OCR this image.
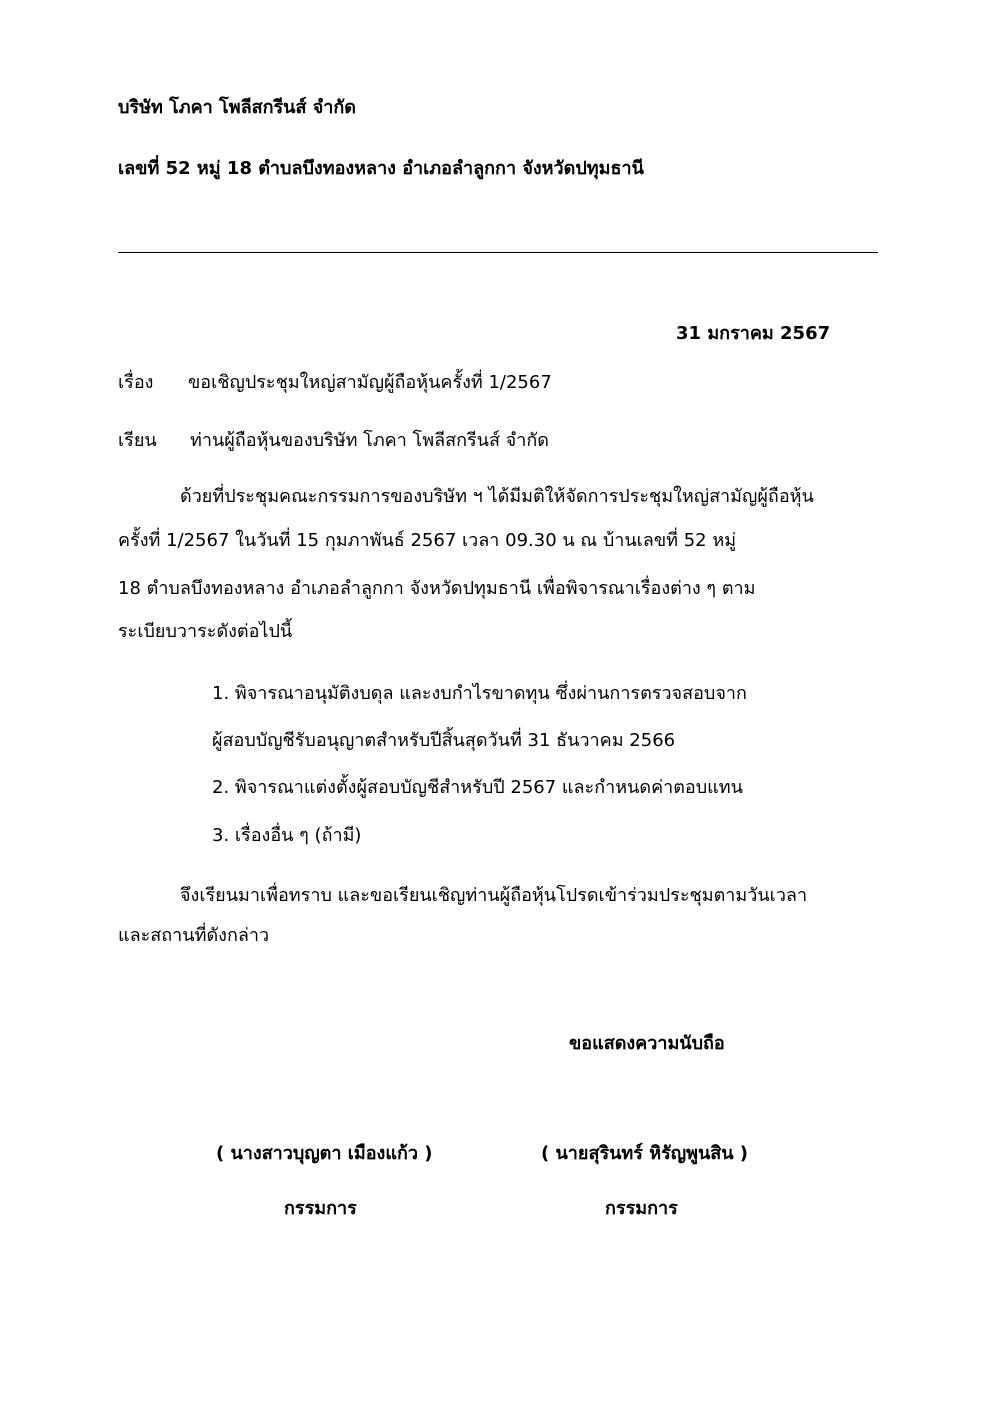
บริษัท โภคา โพลีสกรีนส์ จำกัด
เลขที่ 52 หมู่ 18 ตำบลบึงทองหลาง อำเภอลำลูกกา จังหวัดปทุมธานี
31 มกราคม 2567
เรื่อง ขอเชิญประชุมใหญ่สามัญผู้ถือหุ้นครั้งที่ 1/2567
เรียน ท่านผู้ถือหุ้นของบริษัท โภคา โพลีสกรีนส์ จำกัด
ด้วยที่ประชุมคณะกรรมการของบริษัท ฯ ได้มีมติให้จัดการประชุมใหญ่สามัญผู้ถือหุ้น
ครั้งที่ 1/2567 ในวันที่ 15 กุมภาพันธ์ 2567 เวลา 09.30 น ณ บ้านเลขที่ 52 หมู่
18 ตำบลบึงทองหลาง อำเภอลำลูกกา จังหวัดปทุมธานี เพื่อพิจารณาเรื่องต่าง ๆ ตาม
ระเบียบวาระดังต่อไปนี้
1. พิจารณาอนุมัติงบดุล และงบกำไรขาดทุน ซึ่งผ่านการตรวจสอบจาก
ผู้สอบบัญชีรับอนุญาตสำหรับปีสิ้นสุดวันที่ 31 ธันวาคม 2566
2. พิจารณาแต่งตั้งผู้สอบบัญชีสำหรับปี 2567 และกำหนดค่าตอบแทน
3. เรื่องอื่น ๆ (ถ้ามี)
จึงเรียนมาเพื่อทราบ และขอเรียนเชิญท่านผู้ถือหุ้นโปรดเข้าร่วมประชุมตามวันเวลา
และสถานที่ดังกล่าว
ขอแสดงความนับถือ
( นางสาวบุญตา เมืองแก้ว )
กรรมการ
( นายสุรินทร์ หิรัญพูนสิน )
กรรมการ
